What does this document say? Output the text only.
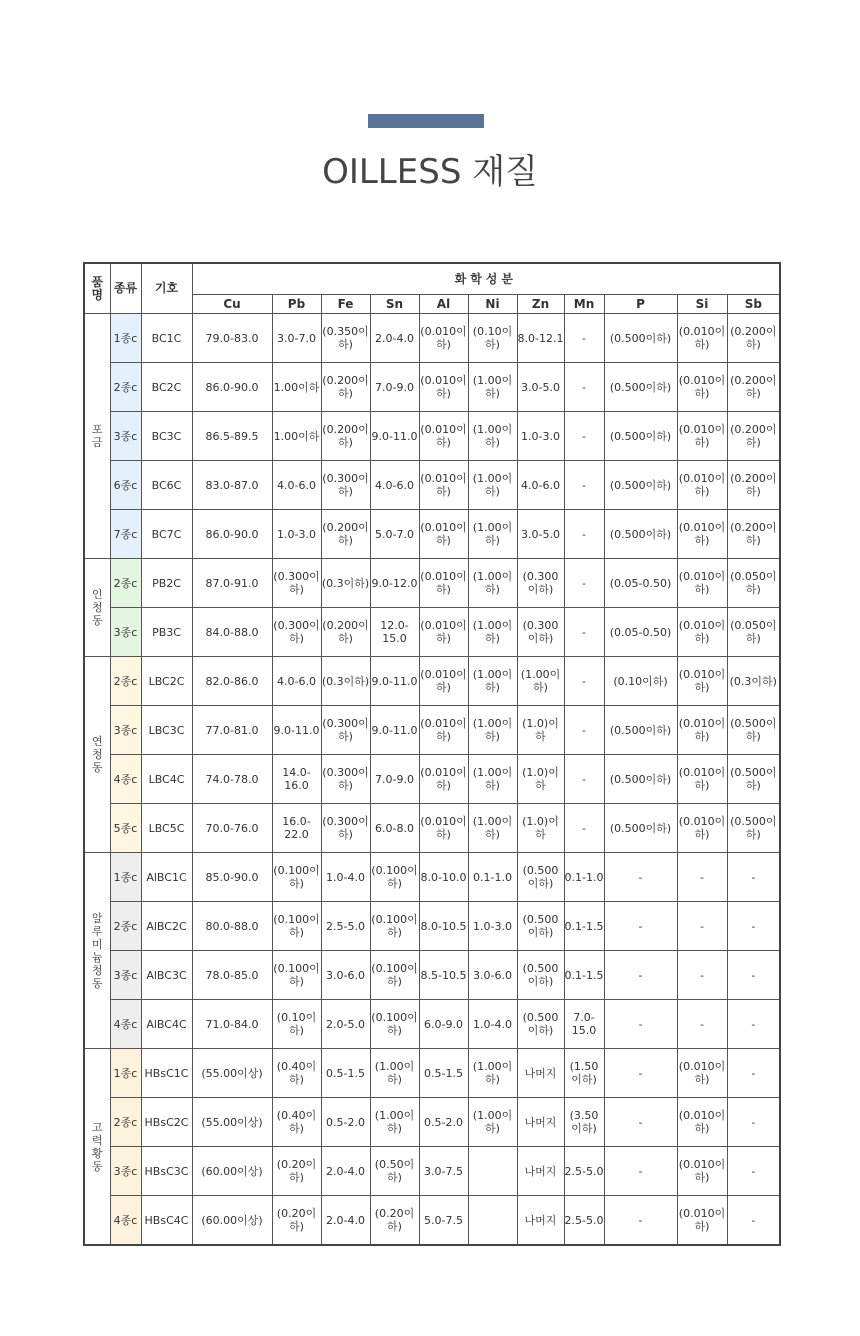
OILLESS 재질
품명	종류	기호	화학성분										
			Cu	Pb	Fe	Sn	Al	Ni	Zn	Mn	P	Si	Sb
포금	1종c	BC1C	79.0-83.0	3.0-7.0	(0.350이하)	2.0-4.0	(0.010이하)	(0.10이하)	8.0-12.1	-	(0.500이하)	(0.010이하)	(0.200이하)
	2종c	BC2C	86.0-90.0	1.00이하	(0.200이하)	7.0-9.0	(0.010이하)	(1.00이하)	3.0-5.0	-	(0.500이하)	(0.010이하)	(0.200이하)
	3종c	BC3C	86.5-89.5	1.00이하	(0.200이하)	9.0-11.0	(0.010이하)	(1.00이하)	1.0-3.0	-	(0.500이하)	(0.010이하)	(0.200이하)
	6종c	BC6C	83.0-87.0	4.0-6.0	(0.300이하)	4.0-6.0	(0.010이하)	(1.00이하)	4.0-6.0	-	(0.500이하)	(0.010이하)	(0.200이하)
	7종c	BC7C	86.0-90.0	1.0-3.0	(0.200이하)	5.0-7.0	(0.010이하)	(1.00이하)	3.0-5.0	-	(0.500이하)	(0.010이하)	(0.200이하)
인청동	2종c	PB2C	87.0-91.0	(0.300이하)	(0.3이하)	9.0-12.0	(0.010이하)	(1.00이하)	(0.300이하)	-	(0.05-0.50)	(0.010이하)	(0.050이하)
	3종c	PB3C	84.0-88.0	(0.300이하)	(0.200이하)	12.0-15.0	(0.010이하)	(1.00이하)	(0.300이하)	-	(0.05-0.50)	(0.010이하)	(0.050이하)
연청동	2종c	LBC2C	82.0-86.0	4.0-6.0	(0.3이하)	9.0-11.0	(0.010이하)	(1.00이하)	(1.00이하)	-	(0.10이하)	(0.010이하)	(0.3이하)
	3종c	LBC3C	77.0-81.0	9.0-11.0	(0.300이하)	9.0-11.0	(0.010이하)	(1.00이하)	(1.0)이하	-	(0.500이하)	(0.010이하)	(0.500이하)
	4종c	LBC4C	74.0-78.0	14.0-16.0	(0.300이하)	7.0-9.0	(0.010이하)	(1.00이하)	(1.0)이하	-	(0.500이하)	(0.010이하)	(0.500이하)
	5종c	LBC5C	70.0-76.0	16.0-22.0	(0.300이하)	6.0-8.0	(0.010이하)	(1.00이하)	(1.0)이하	-	(0.500이하)	(0.010이하)	(0.500이하)
알루미늄청동	1종c	AlBC1C	85.0-90.0	(0.100이하)	1.0-4.0	(0.100이하)	8.0-10.0	0.1-1.0	(0.500이하)	0.1-1.0	-	-	-
	2종c	AlBC2C	80.0-88.0	(0.100이하)	2.5-5.0	(0.100이하)	8.0-10.5	1.0-3.0	(0.500이하)	0.1-1.5	-	-	-
	3종c	AlBC3C	78.0-85.0	(0.100이하)	3.0-6.0	(0.100이하)	8.5-10.5	3.0-6.0	(0.500이하)	0.1-1.5	-	-	-
	4종c	AlBC4C	71.0-84.0	(0.10이하)	2.0-5.0	(0.100이하)	6.0-9.0	1.0-4.0	(0.500이하)	7.0-15.0	-	-	-
고력황동	1종c	HBsC1C	(55.00이상)	(0.40이하)	0.5-1.5	(1.00이하)	0.5-1.5	(1.00이하)	나머지	(1.50이하)	-	(0.010이하)	-
	2종c	HBsC2C	(55.00이상)	(0.40이하)	0.5-2.0	(1.00이하)	0.5-2.0	(1.00이하)	나머지	(3.50이하)	-	(0.010이하)	-
	3종c	HBsC3C	(60.00이상)	(0.20이하)	2.0-4.0	(0.50이하)	3.0-7.5		나머지	2.5-5.0	-	(0.010이하)	-
	4종c	HBsC4C	(60.00이상)	(0.20이하)	2.0-4.0	(0.20이하)	5.0-7.5		나머지	2.5-5.0	-	(0.010이하)	-
